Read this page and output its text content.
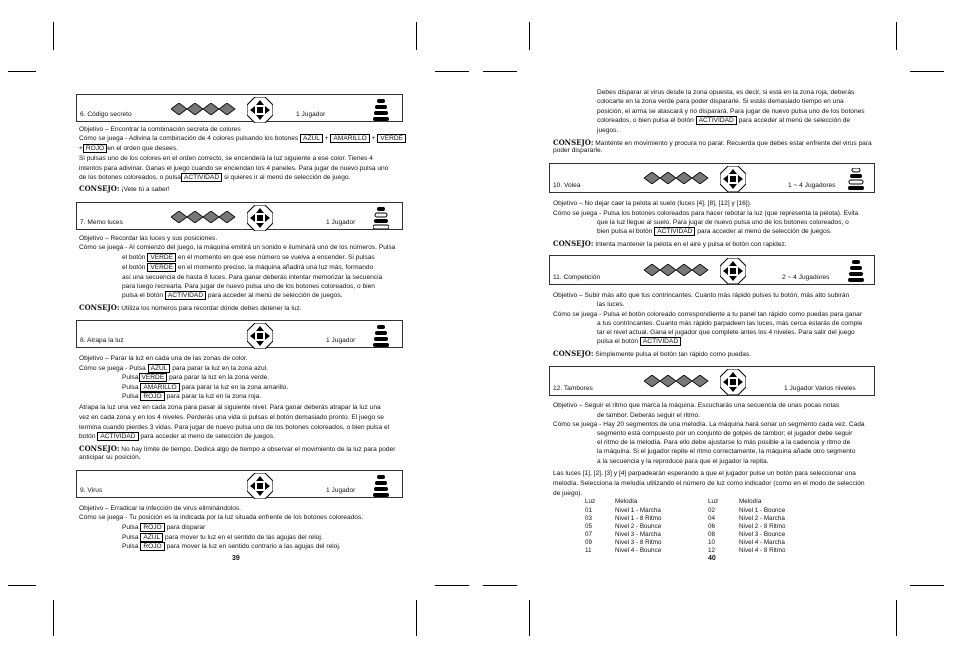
6. Código secreto	1 Jugador
Objetivo – Encontrar la combinación secreta de colores
Cómo se juega - Adivina la combinación de 4 colores pulsando los botones AZUL + AMARILLO + VERDE
+ ROJO en el orden que desees.
Si pulsas uno de los colores en el orden correcto, se encenderá la luz siguiente a ese color. Tienes 4
intentos para adivinar. Ganas el juego cuando se enciendan los 4 paneles. Para jugar de nuevo pulsa uno
de los botones coloreados, o pulsa ACTIVIDAD si quieres ir al menú de selección de juego.
CONSEJO: ¡Vete tú a saber!
7. Memo luces	1 Jugador
Objetivo – Recordar las luces y sus posiciones.
Cómo se juega - Al comienzo del juego, la máquina emitirá un sonido e iluminará uno de los números. Pulsa
el botón VERDE en el momento en que ese número se vuelva a encender. Si pulsas
el botón VERDE en el momento preciso, la máquina añadirá una luz más, formando
así una secuencia de hasta 8 luces. Para ganar deberás intentar memorizar la secuencia
para luego recrearla. Para jugar de nuevo pulsa uno de los botones coloreados, o bien
pulsa el botón ACTIVIDAD para acceder al menú de selección de juegos.
CONSEJO: Utiliza los números para recordar dónde debes detener la luz.
8. Atrapa la luz	1 Jugador
Objetivo – Parar la luz en cada una de las zonas de color.
Cómo se juega - Pulsa AZUL para parar la luz en la zona azul.
Pulsa VERDE para parar la luz en la zona verde.
Pulsa AMARILLO para parar la luz en la zona amarillo.
Pulsa ROJO para parar la luz en la zona roja.
Atrapa la luz una vez en cada zona para pasar al siguiente nivel. Para ganar deberás atrapar la luz una
vez en cada zona y en los 4 niveles. Perderás una vida si pulsas el botón demasiado pronto. El juego se
termina cuando pierdes 3 vidas. Para jugar de nuevo pulsa uno de los botones coloreados, o bien pulsa el
botón ACTIVIDAD para acceder al menú de selección de juegos.
CONSEJO: No hay límite de tiempo. Dedica algo de tiempo a observar el movimiento de la luz para poder
anticipar su posición.
9. Virus	1 Jugador
Objetivo – Erradicar la infección de virus eliminándolos.
Cómo se juega - Tu posición es la indicada por la luz situada enfrente de los botones coloreados.
Pulsa ROJO para disparar
Pulsa AZUL para mover tu luz en el sentido de las agujas del reloj.
Pulsa ROJO para mover la luz en sentido contrario a las agujas del reloj.
39
Debes disparar al virus desde la zona opuesta, es decir, si está en la zona roja, deberás
colocarte en la zona verde para poder dispararle. Si estás demasiado tiempo en una
posición, el arma se atascará y no disparará. Para jugar de nuevo pulsa uno de los botones
coloreados, o bien pulsa el botón ACTIVIDAD para acceder al menú de selección de
juegos.
CONSEJO: Manténte en movimiento y procura no parar. Recuerda que debes estar enfrente del virus para
poder dispararle.
10. Volea	1 ~ 4 Jugadores
Objetivo – No dejar caer la pelota al suelo (luces [4], [8], [12] y [16]).
Cómo se juega - Pulsa los botones coloreados para hacer rebotar la luz (que representa la pelota). Evita
que la luz llegue al suelo. Para jugar de nuevo pulsa uno de los botones coloreados, o
bien pulsa el botón ACTIVIDAD para acceder al menú de selección de juegos.
CONSEJO: Intenta mantener la pelota en el aire y pulsa el botón con rapidez.
11. Competición	2 ~ 4 Jugadores
Objetivo – Subir más alto que tus contrincantes. Cuanto más rápido pulses tu botón, más alto subirán
las luces.
Cómo se juega - Pulsa el botón coloreado correspondiente a tu panel tan rápido como puedas para ganar
a tus contrincantes. Cuanto más rápido parpadeen las luces, más cerca estarás de comple
tar el nivel actual. Gana el jugador que complete antes los 4 niveles. Para salir del juego
pulsa el botón ACTIVIDAD
CONSEJO: Simplemente pulsa el botón tan rápido como puedas.
12. Tambores	1 Jugador Varios niveles
Objetivo – Seguir el ritmo que marca la máquina. Escucharás una secuencia de unas pocas notas
de tambor. Deberás seguir el ritmo.
Cómo se juega - Hay 20 segmentos de una melodía. La máquina hará sonar un segmento cada vez. Cada
segmento está compuesto por un conjunto de golpes de tambor; el jugador debe seguir
el ritmo de la melodía. Para ello debe ajustarse lo más posible a la cadencia y ritmo de
la máquina. Si el jugador repite el ritmo correctamente, la máquina añade otro segmento
a la secuencia y la reproduce para que el jugador la repita.
Las luces [1], [2], [3] y [4] parpadearán esperando a que el jugador pulse un botón para seleccionar una
melodía. Selecciona la melodía utilizando el número de luz como indicador (como en el modo de selección
de juego).
Luz	Melodía	Luz	Melodía
01	Nivel 1 - Marcha	02	Nivel 1 - Bounce
03	Nivel 1 - 8 Ritmo	04	Nivel 2 - Marcha
05	Nivel 2 - Bounce	06	Nivel 2 - 8 Ritmo
07	Nivel 3 - Marcha	08	Nivel 3 - Bounce
09	Nivel 3 - 8 Ritmo	10	Nivel 4 - Marcha
11	Nivel 4 - Bounce	12	Nivel 4 - 8 Ritmo
40
